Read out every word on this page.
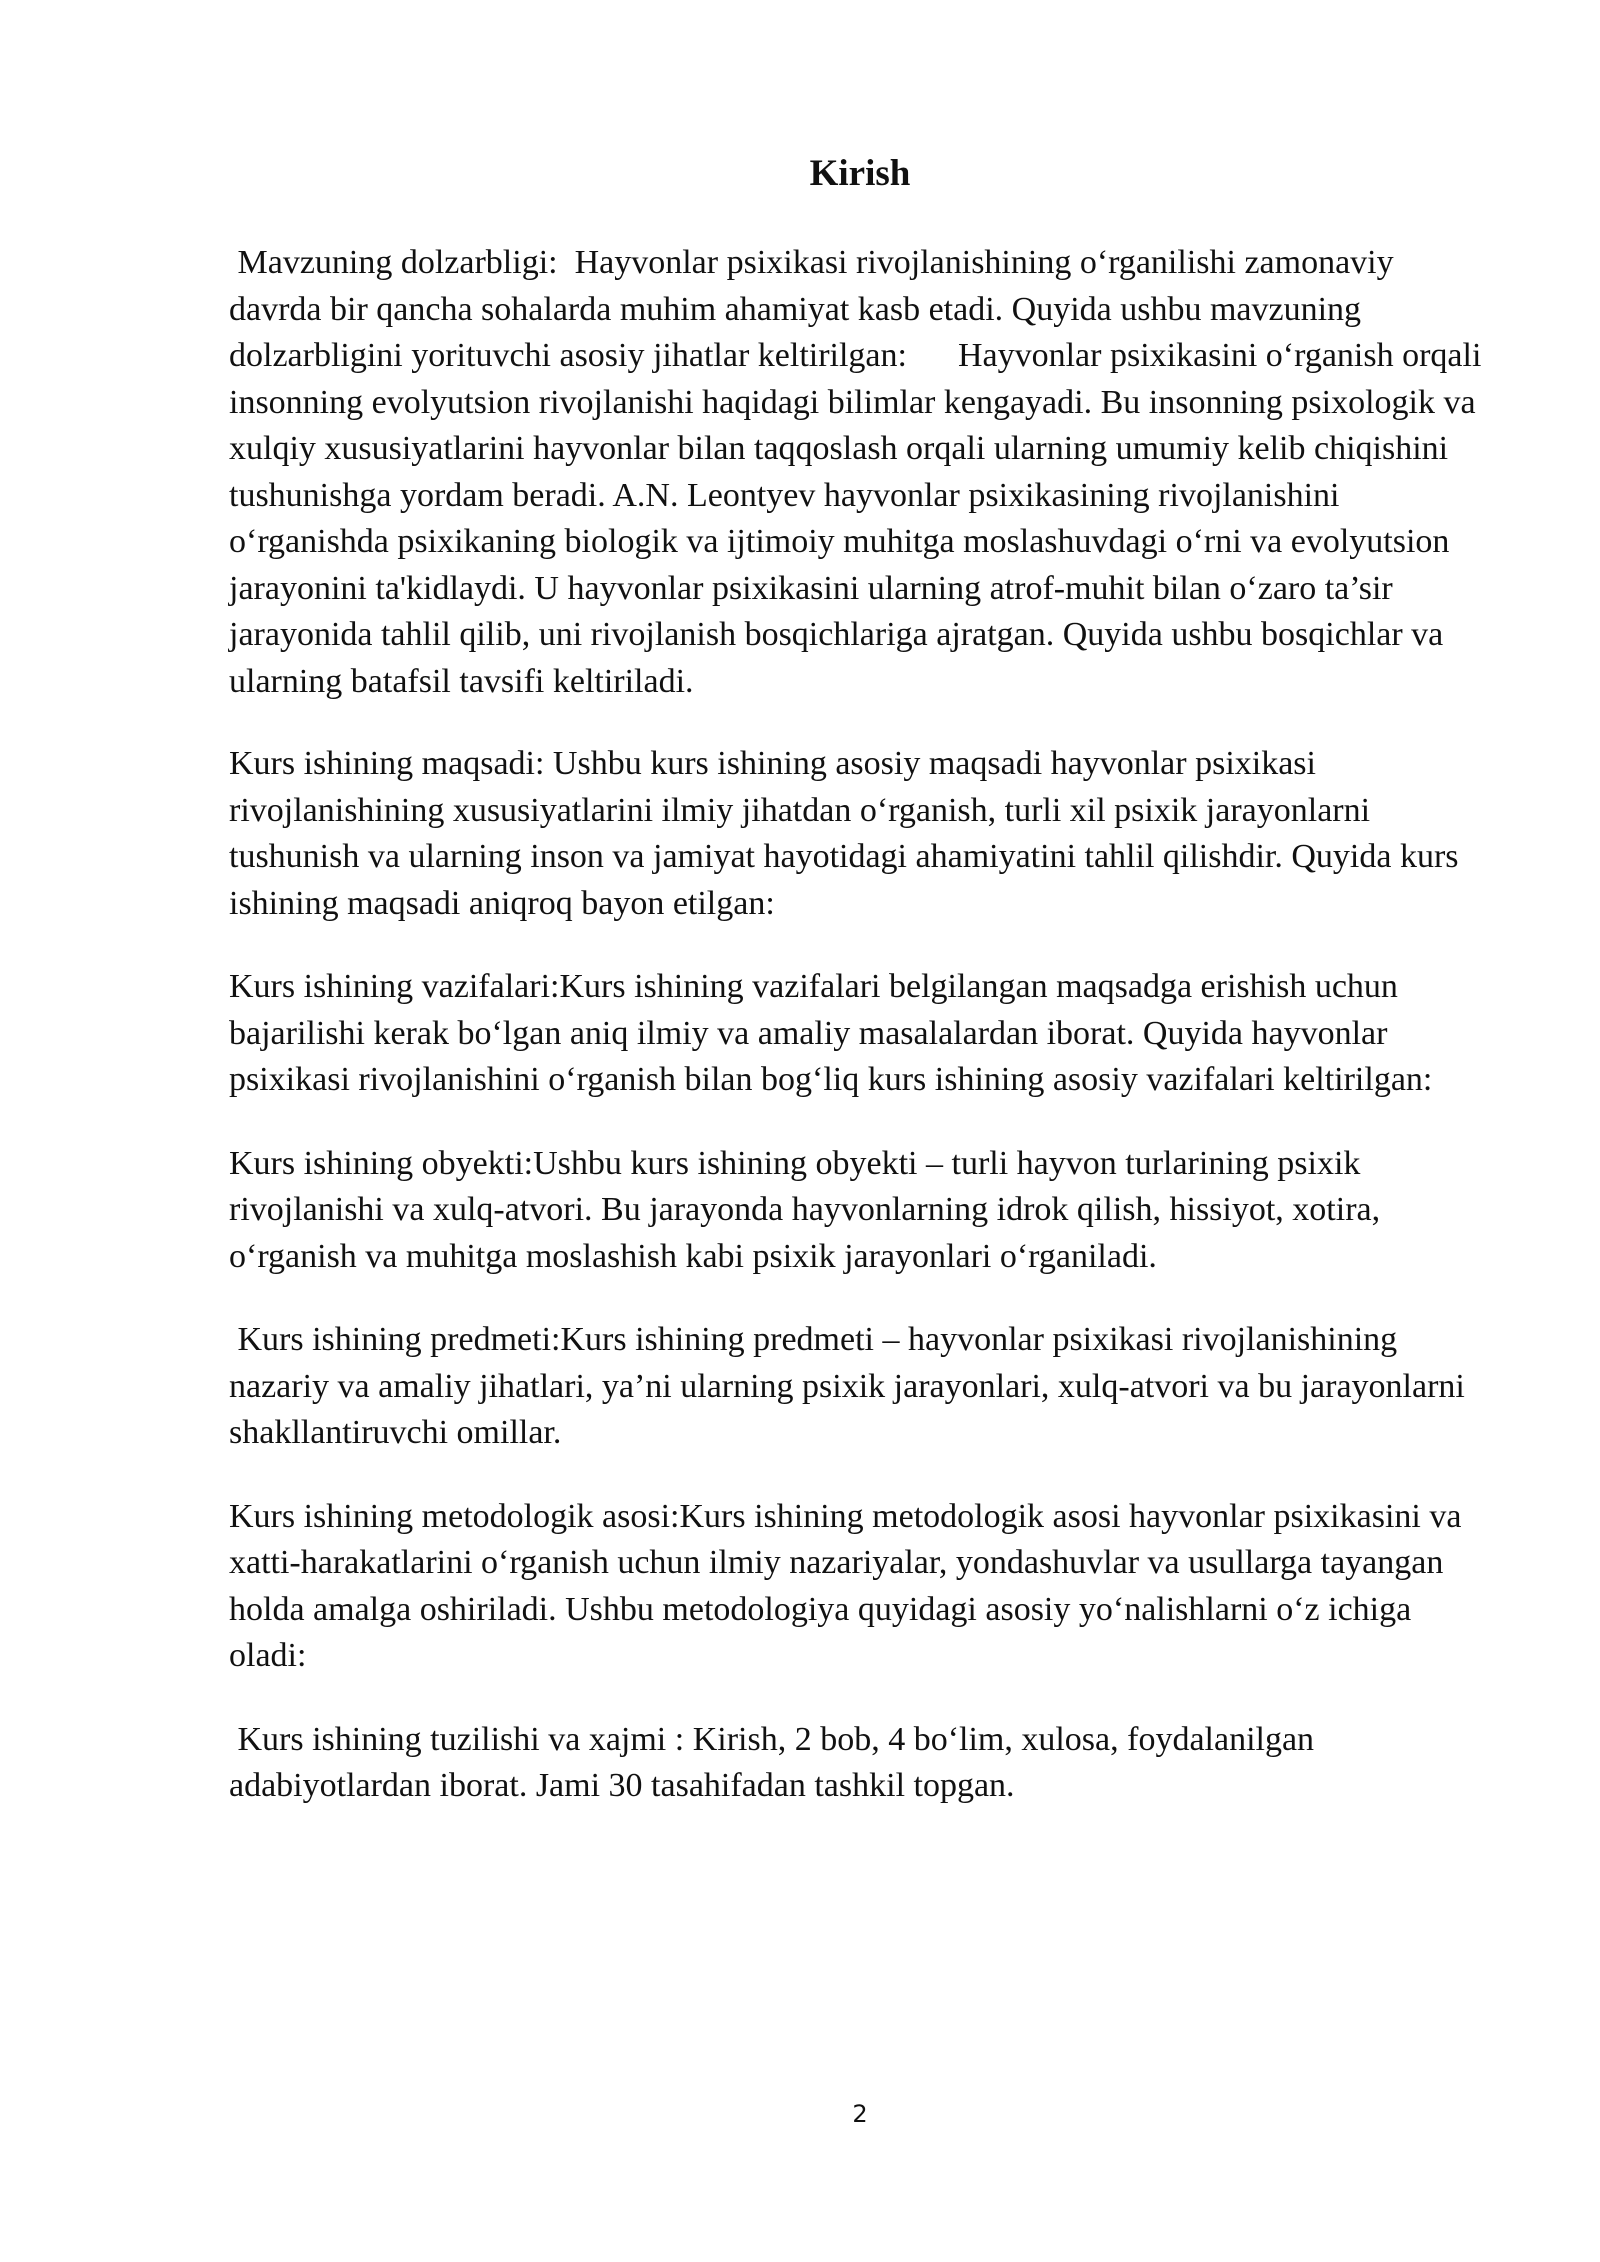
Kirish

Mavzuning dolzarbligi:  Hayvonlar psixikasi rivojlanishining oʻrganilishi zamonaviy davrda bir qancha sohalarda muhim ahamiyat kasb etadi. Quyida ushbu mavzuning dolzarbligini yorituvchi asosiy jihatlar keltirilgan:      Hayvonlar psixikasini oʻrganish orqali insonning evolyutsion rivojlanishi haqidagi bilimlar kengayadi. Bu insonning psixologik va xulqiy xususiyatlarini hayvonlar bilan taqqoslash orqali ularning umumiy kelib chiqishini tushunishga yordam beradi. A.N. Leontyev hayvonlar psixikasining rivojlanishini oʻrganishda psixikaning biologik va ijtimoiy muhitga moslashuvdagi oʻrni va evolyutsion jarayonini ta'kidlaydi. U hayvonlar psixikasini ularning atrof-muhit bilan oʻzaro ta’sir jarayonida tahlil qilib, uni rivojlanish bosqichlariga ajratgan. Quyida ushbu bosqichlar va ularning batafsil tavsifi keltiriladi.

Kurs ishining maqsadi: Ushbu kurs ishining asosiy maqsadi hayvonlar psixikasi rivojlanishining xususiyatlarini ilmiy jihatdan oʻrganish, turli xil psixik jarayonlarni tushunish va ularning inson va jamiyat hayotidagi ahamiyatini tahlil qilishdir. Quyida kurs ishining maqsadi aniqroq bayon etilgan:

Kurs ishining vazifalari:Kurs ishining vazifalari belgilangan maqsadga erishish uchun bajarilishi kerak boʻlgan aniq ilmiy va amaliy masalalardan iborat. Quyida hayvonlar psixikasi rivojlanishini oʻrganish bilan bogʻliq kurs ishining asosiy vazifalari keltirilgan:

Kurs ishining obyekti:Ushbu kurs ishining obyekti – turli hayvon turlarining psixik rivojlanishi va xulq-atvori. Bu jarayonda hayvonlarning idrok qilish, hissiyot, xotira, oʻrganish va muhitga moslashish kabi psixik jarayonlari oʻrganiladi.

Kurs ishining predmeti:Kurs ishining predmeti – hayvonlar psixikasi rivojlanishining nazariy va amaliy jihatlari, ya’ni ularning psixik jarayonlari, xulq-atvori va bu jarayonlarni shakllantiruvchi omillar.

Kurs ishining metodologik asosi:Kurs ishining metodologik asosi hayvonlar psixikasini va xatti-harakatlarini oʻrganish uchun ilmiy nazariyalar, yondashuvlar va usullarga tayangan holda amalga oshiriladi. Ushbu metodologiya quyidagi asosiy yoʻnalishlarni oʻz ichiga oladi:

Kurs ishining tuzilishi va xajmi : Kirish, 2 bob, 4 boʻlim, xulosa, foydalanilgan adabiyotlardan iborat. Jami 30 tasahifadan tashkil topgan.

2
